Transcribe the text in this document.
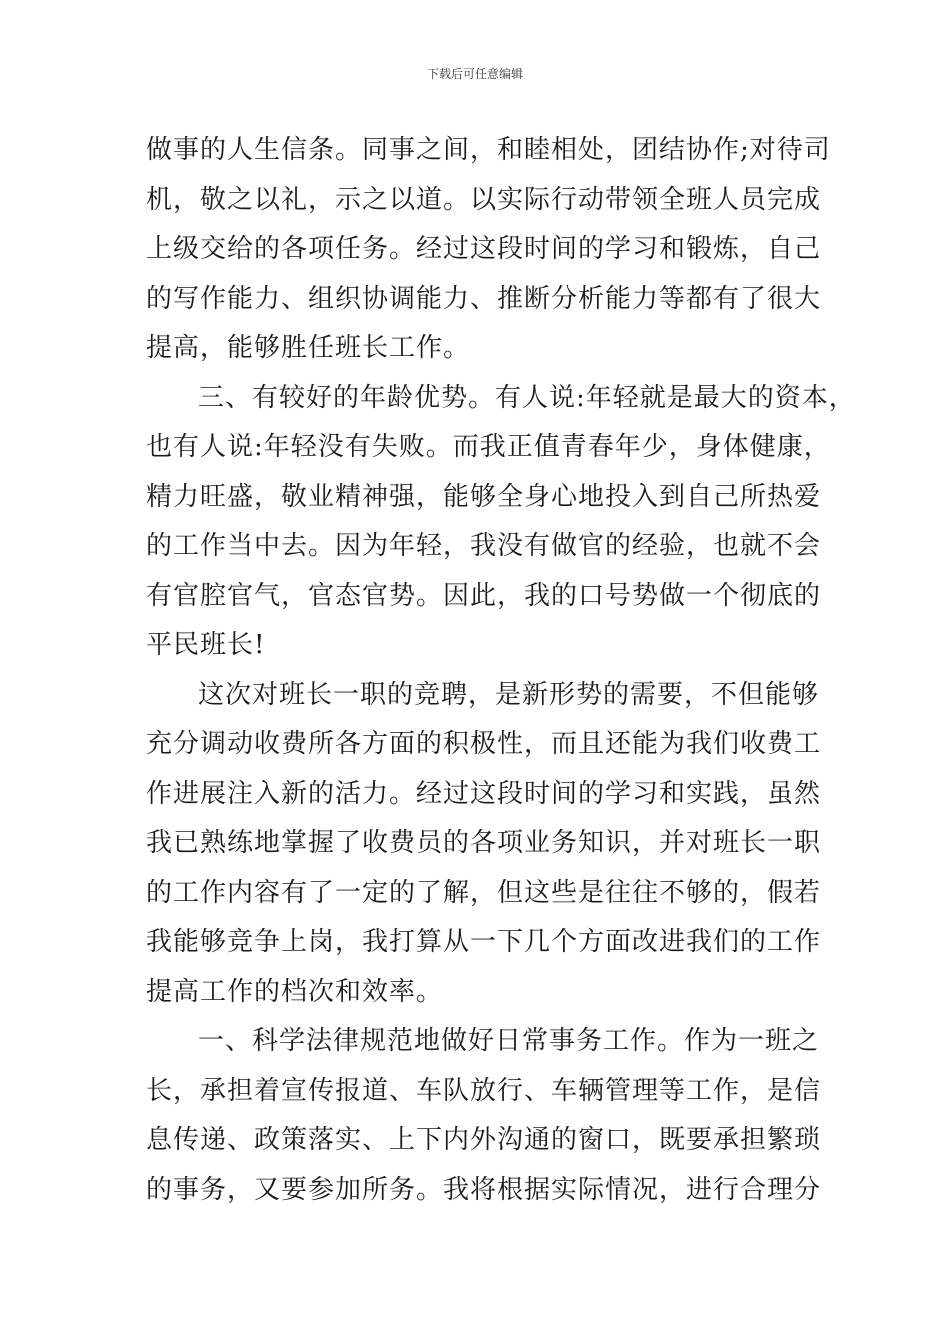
下载后可任意编辑
做事的人生信条。同事之间，和睦相处，团结协作;对待司
机，敬之以礼，示之以道。以实际行动带领全班人员完成
上级交给的各项任务。经过这段时间的学习和锻炼，自己
的写作能力、组织协调能力、推断分析能力等都有了很大
提高，能够胜任班长工作。
三、有较好的年龄优势。有人说:年轻就是最大的资本，
也有人说:年轻没有失败。而我正值青春年少，身体健康，
精力旺盛，敬业精神强，能够全身心地投入到自己所热爱
的工作当中去。因为年轻，我没有做官的经验，也就不会
有官腔官气，官态官势。因此，我的口号势做一个彻底的
平民班长!
这次对班长一职的竞聘，是新形势的需要，不但能够
充分调动收费所各方面的积极性，而且还能为我们收费工
作进展注入新的活力。经过这段时间的学习和实践，虽然
我已熟练地掌握了收费员的各项业务知识，并对班长一职
的工作内容有了一定的了解，但这些是往往不够的，假若
我能够竞争上岗，我打算从一下几个方面改进我们的工作
提高工作的档次和效率。
一、科学法律规范地做好日常事务工作。作为一班之
长，承担着宣传报道、车队放行、车辆管理等工作，是信
息传递、政策落实、上下内外沟通的窗口，既要承担繁琐
的事务，又要参加所务。我将根据实际情况，进行合理分
